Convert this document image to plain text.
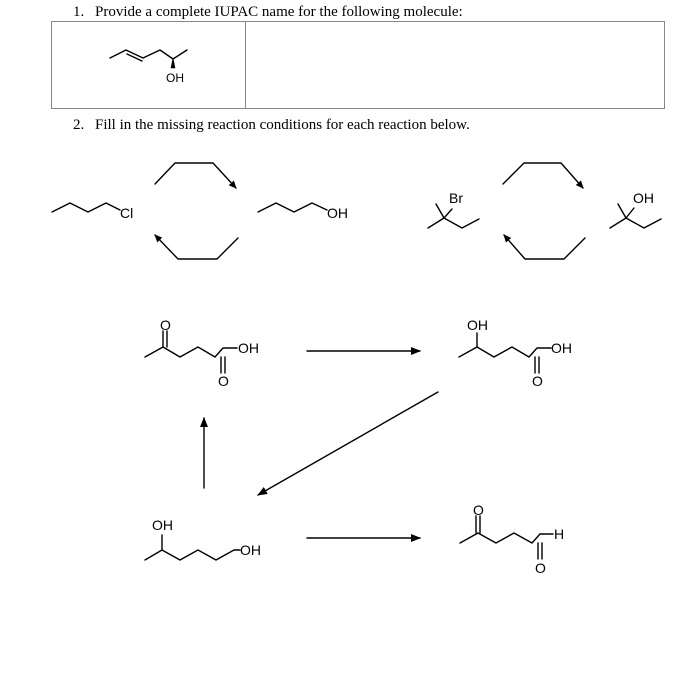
1. Provide a complete IUPAC name for the following molecule:
2. Fill in the missing reaction conditions for each reaction below.
OH
Cl	OH
Br	OH
O
OH
O
OH
OH
O
OH
OH
O
H
O
